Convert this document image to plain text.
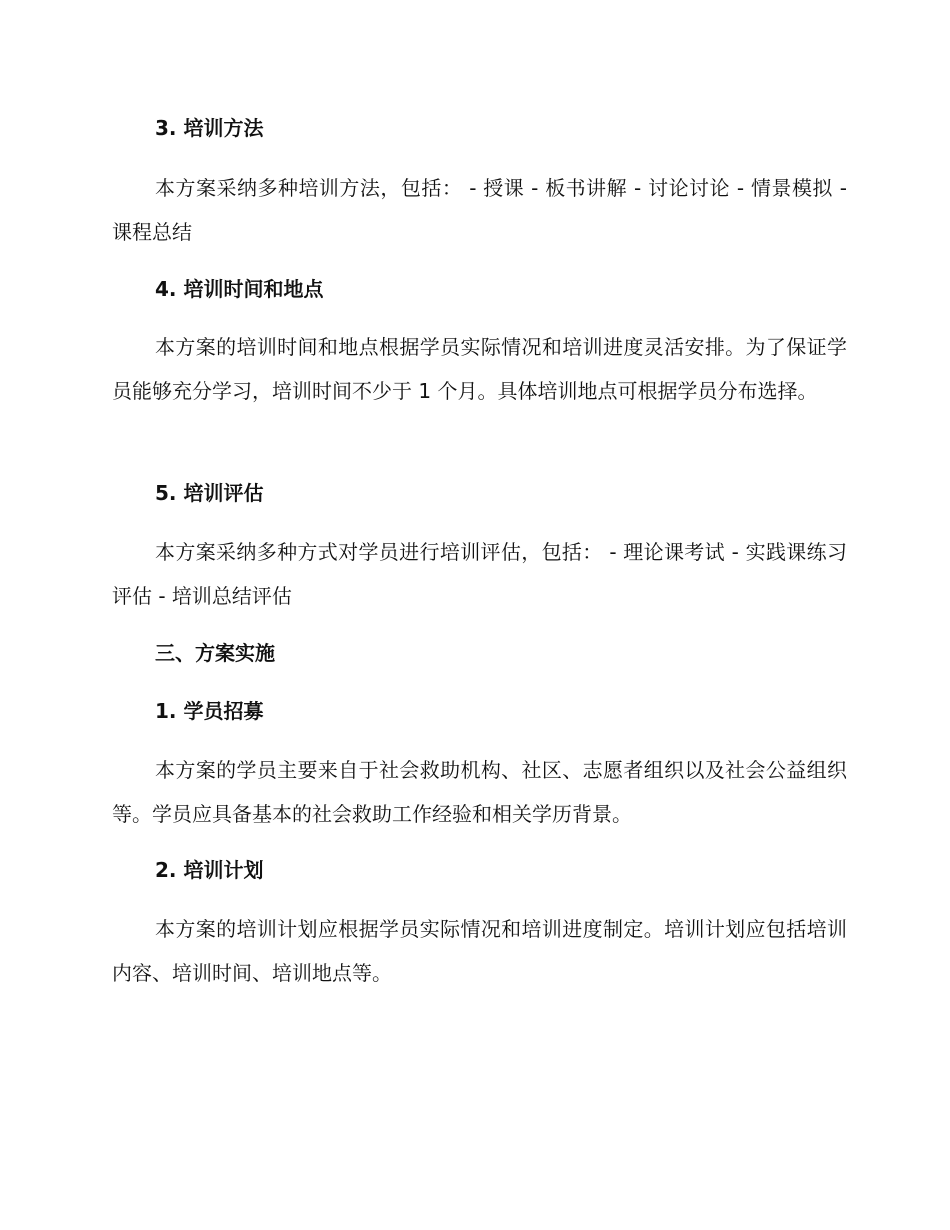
3. 培训方法
本方案采纳多种培训方法，包括： - 授课 - 板书讲解 - 讨论讨论 - 情景模拟 - 课程总结
4. 培训时间和地点
本方案的培训时间和地点根据学员实际情况和培训进度灵活安排。为了保证学员能够充分学习，培训时间不少于 1 个月。具体培训地点可根据学员分布选择。
5. 培训评估
本方案采纳多种方式对学员进行培训评估，包括： - 理论课考试 - 实践课练习评估 - 培训总结评估
三、方案实施
1. 学员招募
本方案的学员主要来自于社会救助机构、社区、志愿者组织以及社会公益组织等。学员应具备基本的社会救助工作经验和相关学历背景。
2. 培训计划
本方案的培训计划应根据学员实际情况和培训进度制定。培训计划应包括培训内容、培训时间、培训地点等。
